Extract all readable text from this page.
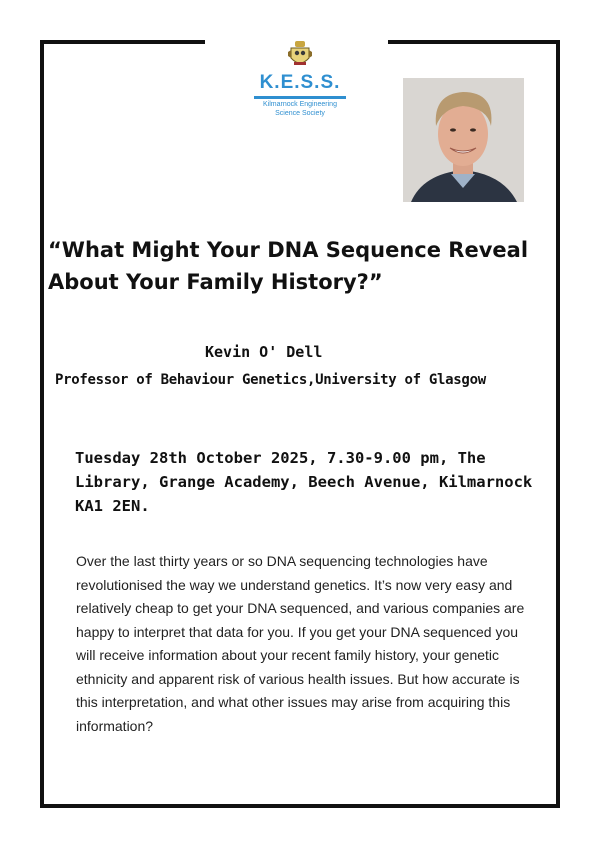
K.E.S.S.
Kilmarnock Engineering
Science Society
“What Might Your DNA Sequence Reveal About Your Family History?”
Kevin O' Dell
Professor of Behaviour Genetics,University of Glasgow
Tuesday 28th October 2025, 7.30-9.00 pm, The Library, Grange Academy, Beech Avenue, Kilmarnock KA1 2EN.
Over the last thirty years or so DNA sequencing technologies have revolutionised the way we understand genetics. It’s now very easy and relatively cheap to get your DNA sequenced, and various companies are happy to interpret that data for you. If you get your DNA sequenced you will receive information about your recent family history, your genetic ethnicity and apparent risk of various health issues. But how accurate is this interpretation, and what other issues may arise from acquiring this information?
